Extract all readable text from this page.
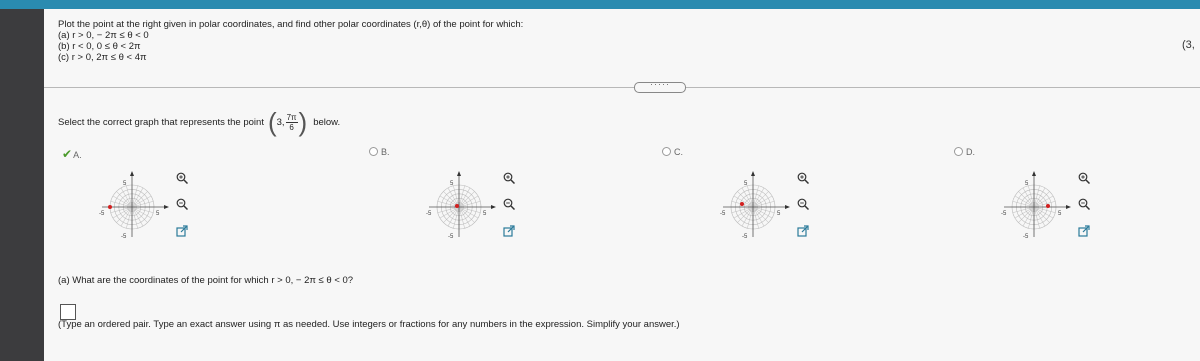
Plot the point at the right given in polar coordinates, and find other polar coordinates (r,θ) of the point for which:
(a) r > 0, − 2π ≤ θ < 0
(b) r < 0, 0 ≤ θ < 2π
(c) r > 0, 2π ≤ θ < 4π
(3,
·····
Select the correct graph that represents the point ( 3, $\frac{7\pi}{6}$ ) below.
✔A.
5
-5
-5	5
B.
5
-5
-5	5
C.
5
-5
-5	5
D.
5
-5
-5	5
(a) What are the coordinates of the point for which r > 0, − 2π ≤ θ < 0?
(Type an ordered pair. Type an exact answer using π as needed. Use integers or fractions for any numbers in the expression. Simplify your answer.)
